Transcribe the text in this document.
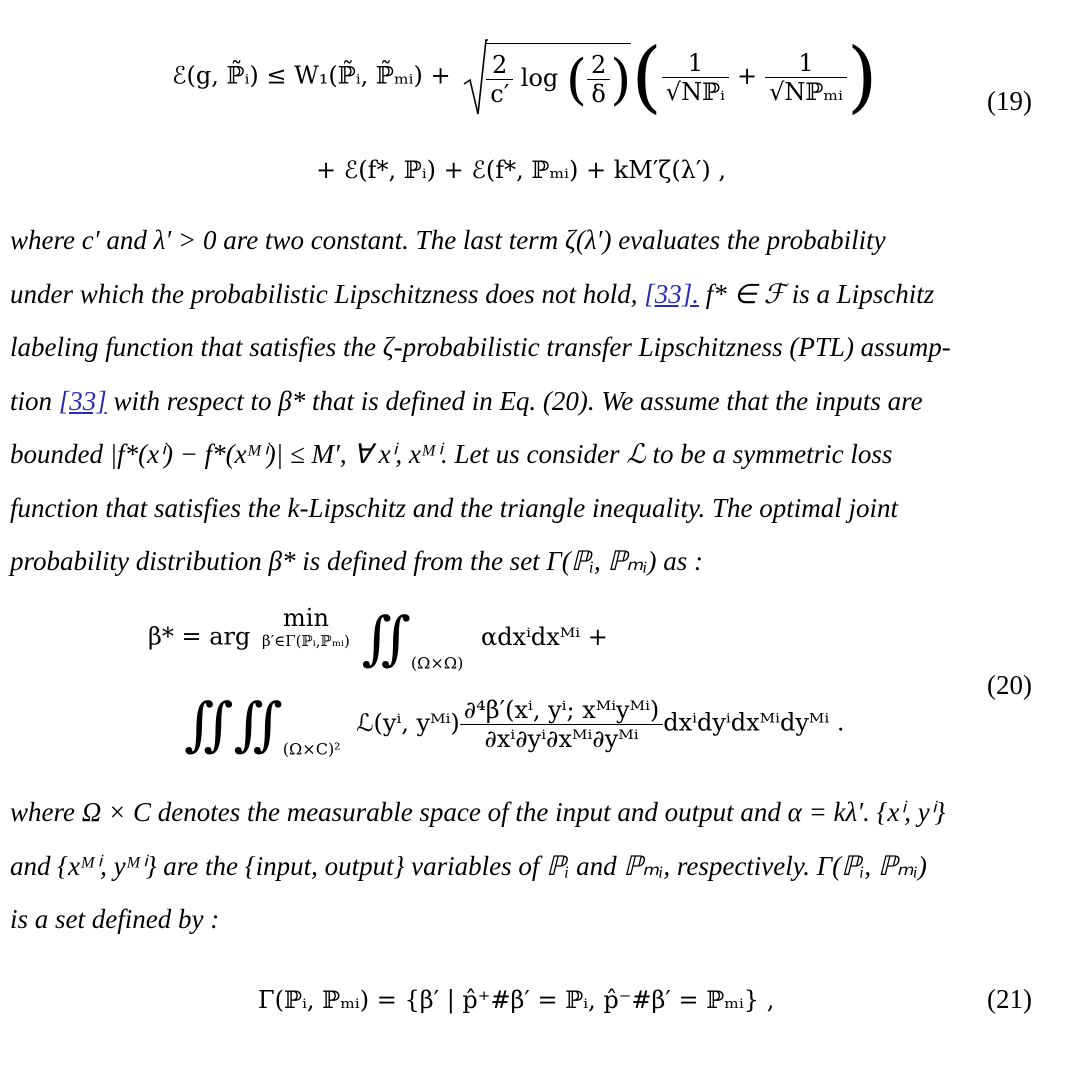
ℰ(g, ℙ̃ᵢ) ≤ W₁(ℙ̃ᵢ, ℙ̃ₘᵢ) + $\frac{2}{c'}$ log ( $\frac{2}{\delta}$ )( $\frac{1}{\text{√Nℙᵢ}} + \frac{1}{\text{√Nℙₘᵢ}}$ )	(19)
+ ℰ(f*, ℙᵢ) + ℰ(f*, ℙₘᵢ) + kM′ζ(λ′) ,
where c′ and λ′ > 0 are two constant. The last term ζ(λ′) evaluates the probability
under which the probabilistic Lipschitzness does not hold, [33]. f* ∈ ℱ is a Lipschitz
labeling function that satisfies the ζ-probabilistic transfer Lipschitzness (PTL) assump-
tion [33] with respect to β* that is defined in Eq. (20). We assume that the inputs are
bounded |f*(xⁱ) − f*(xᴹⁱ)| ≤ M′, ∀ xⁱ, xᴹⁱ. Let us consider ℒ to be a symmetric loss
function that satisfies the k-Lipschitz and the triangle inequality. The optimal joint
probability distribution β* is defined from the set Γ(ℙᵢ, ℙₘᵢ) as :
β* = arg
min
β′∈Γ(ℙᵢ,ℙₘᵢ) $∬_{(\Omega\times\Omega)}$ αdxⁱdxᴹⁱ +
(20)
$∬∬_{(\Omega\times C)^2}$ ℒ(yⁱ, yᴹⁱ) $\frac{\text{∂⁴β′(xⁱ, yⁱ; xᴹⁱyᴹⁱ)}}{\text{∂xⁱ∂yⁱ∂xᴹⁱ∂yᴹⁱ}}$ dxⁱdyⁱdxᴹⁱdyᴹⁱ .
where Ω × C denotes the measurable space of the input and output and α = kλ′. {xⁱ, yⁱ}
and {xᴹⁱ, yᴹⁱ} are the {input, output} variables of ℙᵢ and ℙₘᵢ, respectively. Γ(ℙᵢ, ℙₘᵢ)
is a set defined by :
Γ(ℙᵢ, ℙₘᵢ) = {β′ | p̂⁺#β′ = ℙᵢ, p̂⁻#β′ = ℙₘᵢ} ,	(21)
